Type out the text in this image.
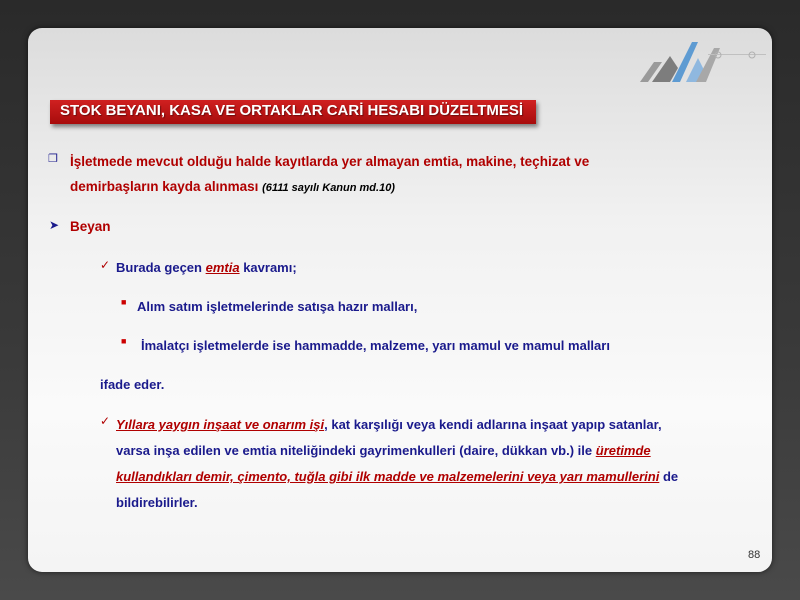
STOK BEYANI, KASA VE ORTAKLAR CARİ HESABI DÜZELTMESİ
❐ İşletmede mevcut olduğu halde kayıtlarda yer almayan emtia, makine, teçhizat ve
demirbaşların kayda alınması (6111 sayılı Kanun md.10)
➤ Beyan
✓ Burada geçen emtia kavramı;
■ Alım satım işletmelerinde satışa hazır malları,
■ İmalatçı işletmelerde ise hammadde, malzeme, yarı mamul ve mamul malları
ifade eder.
✓ Yıllara yaygın inşaat ve onarım işi, kat karşılığı veya kendi adlarına inşaat yapıp satanlar,
varsa inşa edilen ve emtia niteliğindeki gayrimenkulleri (daire, dükkan vb.) ile üretimde
kullandıkları demir, çimento, tuğla gibi ilk madde ve malzemelerini veya yarı mamullerini de
bildirebilirler.
88
